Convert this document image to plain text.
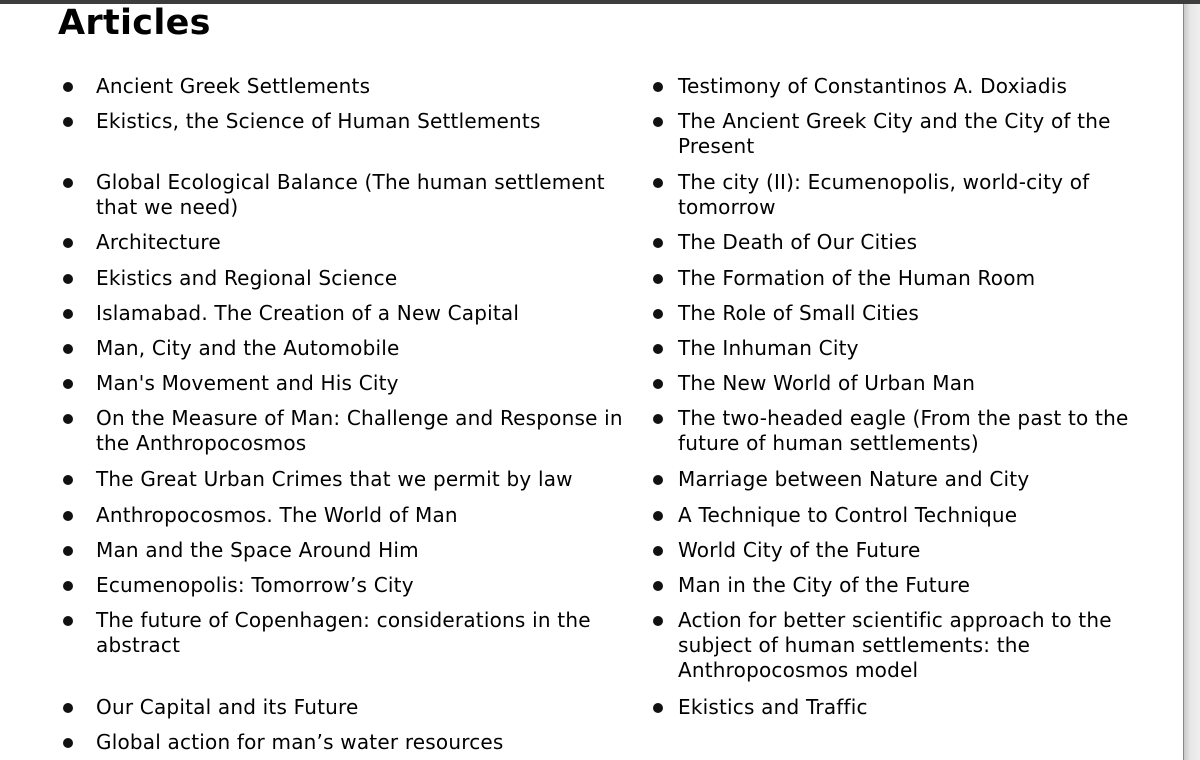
Articles
Ancient Greek Settlements
Ekistics, the Science of Human Settlements
Global Ecological Balance (The human settlement that we need)
Architecture
Ekistics and Regional Science
Islamabad. The Creation of a New Capital
Man, City and the Automobile
Man's Movement and His City
On the Measure of Man: Challenge and Response in the Anthropocosmos
The Great Urban Crimes that we permit by law
Anthropocosmos. The World of Man
Man and the Space Around Him
Ecumenopolis: Tomorrow’s City
The future of Copenhagen: considerations in the abstract
Our Capital and its Future
Global action for man’s water resources
Testimony of Constantinos A. Doxiadis
The Ancient Greek City and the City of the Present
The city (II): Ecumenopolis, world-city of tomorrow
The Death of Our Cities
The Formation of the Human Room
The Role of Small Cities
The Inhuman City
The New World of Urban Man
The two-headed eagle (From the past to the future of human settlements)
Marriage between Nature and City
A Technique to Control Technique
World City of the Future
Man in the City of the Future
Action for better scientific approach to the subject of human settlements: the Anthropocosmos model
Ekistics and Traffic
